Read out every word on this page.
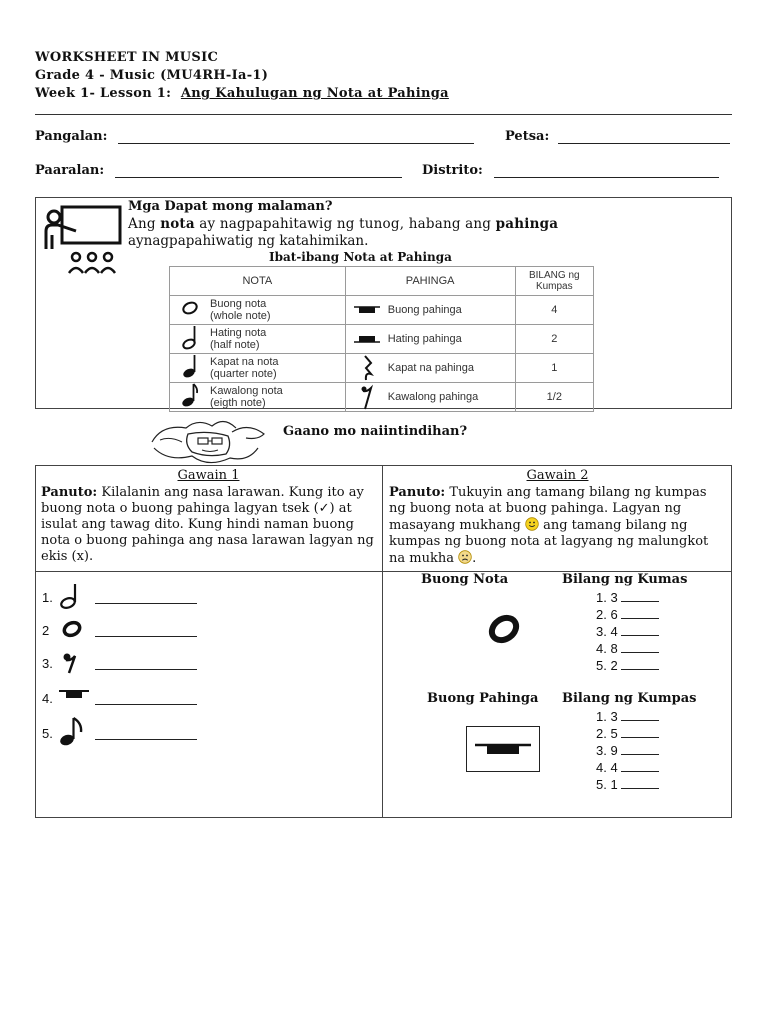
WORKSHEET IN MUSIC
Grade 4 - Music (MU4RH-Ia-1)
Week 1- Lesson 1: Ang Kahulugan ng Nota at Pahinga
Pangalan:	Petsa:
Paaralan:	Distrito:
Mga Dapat mong malaman?
Ang nota ay nagpapahitawig ng tunog, habang ang pahinga
aynagpapahiwatig ng katahimikan.
Ibat-ibang Nota at Pahinga
NOTA	PAHINGA	BILANG ng Kumpas

Buong nota
(whole note)	Buong pahinga	4

Hating nota
(half note)	Hating pahinga	2

Kapat na nota
(quarter note)	Kapat na pahinga	1

Kawalong nota
(eigth note)	Kawalong pahinga	1/2
Gaano mo naiintindihan?
Gawain 1
Panuto: Kilalanin ang nasa larawan. Kung ito ay buong nota o buong pahinga lagyan tsek (✓) at isulat ang tawag dito. Kung hindi naman buong nota o buong pahinga ang nasa larawan lagyan ng ekis (x).
Gawain 2
Panuto: Tukuyin ang tamang bilang ng kumpas ng buong nota at buong pahinga. Lagyan ng masayang mukhang  ang tamang bilang ng kumpas ng buong nota at lagyang ng malungkot na mukha .
1.
2
3.
4.
5.
Buong Nota	Bilang ng Kumas
1. 3
2. 6
3. 4
4. 8
5. 2
Buong Pahinga Bilang ng Kumpas
1. 3
2. 5
3. 9
4. 4
5. 1
